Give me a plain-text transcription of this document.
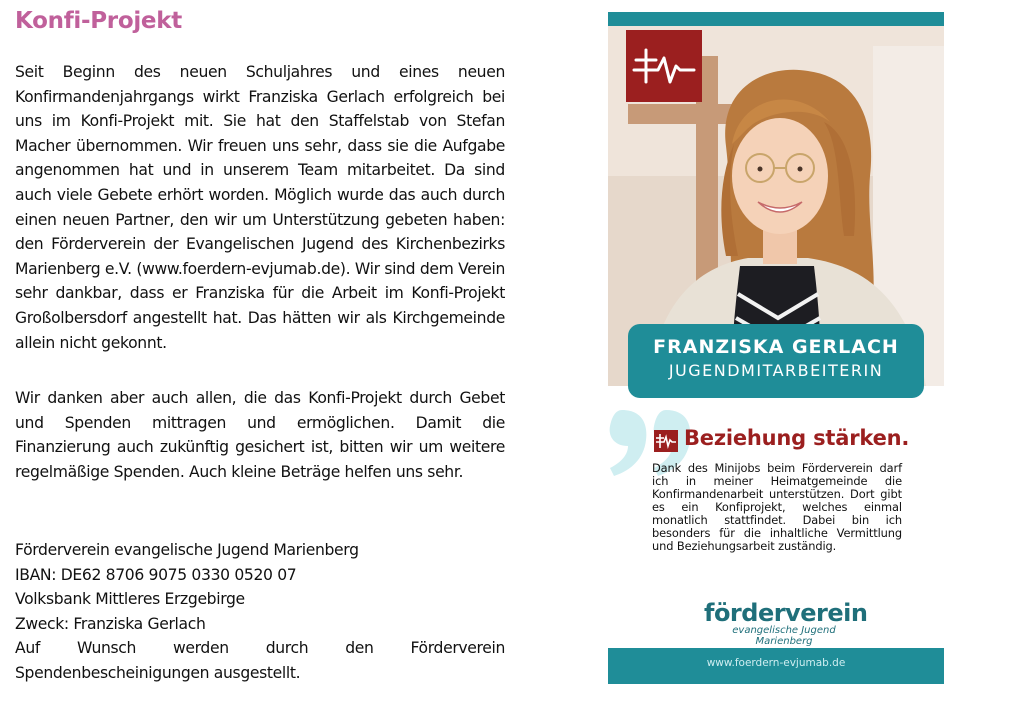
Konfi-Projekt
Seit Beginn des neuen Schuljahres und eines neuen Konfirmandenjahrgangs wirkt Franziska Gerlach erfolgreich bei uns im Konfi-Projekt mit. Sie hat den Staffelstab von Stefan Macher übernommen. Wir freuen uns sehr, dass sie die Aufgabe angenommen hat und in unserem Team mitarbeitet. Da sind auch viele Gebete erhört worden. Möglich wurde das auch durch einen neuen Partner, den wir um Unterstützung gebeten haben: den Förderverein der Evangelischen Jugend des Kirchenbezirks Marienberg e.V. (www.foerdern-evjumab.de). Wir sind dem Verein sehr dankbar, dass er Franziska für die Arbeit im Konfi-Projekt Großolbersdorf angestellt hat. Das hätten wir als Kirchgemeinde allein nicht gekonnt.
Wir danken aber auch allen, die das Konfi-Projekt durch Gebet und Spenden mittragen und ermöglichen. Damit die Finanzierung auch zukünftig gesichert ist, bitten wir um weitere regelmäßige Spenden. Auch kleine Beträge helfen uns sehr.
Förderverein evangelische Jugend Marienberg
IBAN: DE62 8706 9075 0330 0520 07
Volksbank Mittleres Erzgebirge
Zweck: Franziska Gerlach
Auf Wunsch werden durch den Förderverein Spendenbescheinigungen ausgestellt.
FRANZISKA GERLACH
JUGENDMITARBEITERIN
Beziehung stärken.
Dank des Minijobs beim Förderverein darf ich in meiner Heimatgemeinde die Konfirmandenarbeit unterstützen. Dort gibt es ein Konfiprojekt, welches einmal monatlich stattfindet. Dabei bin ich besonders für die inhaltliche Vermittlung und Beziehungsarbeit zuständig.
förderverein
evangelische Jugend Marienberg
www.foerdern-evjumab.de
